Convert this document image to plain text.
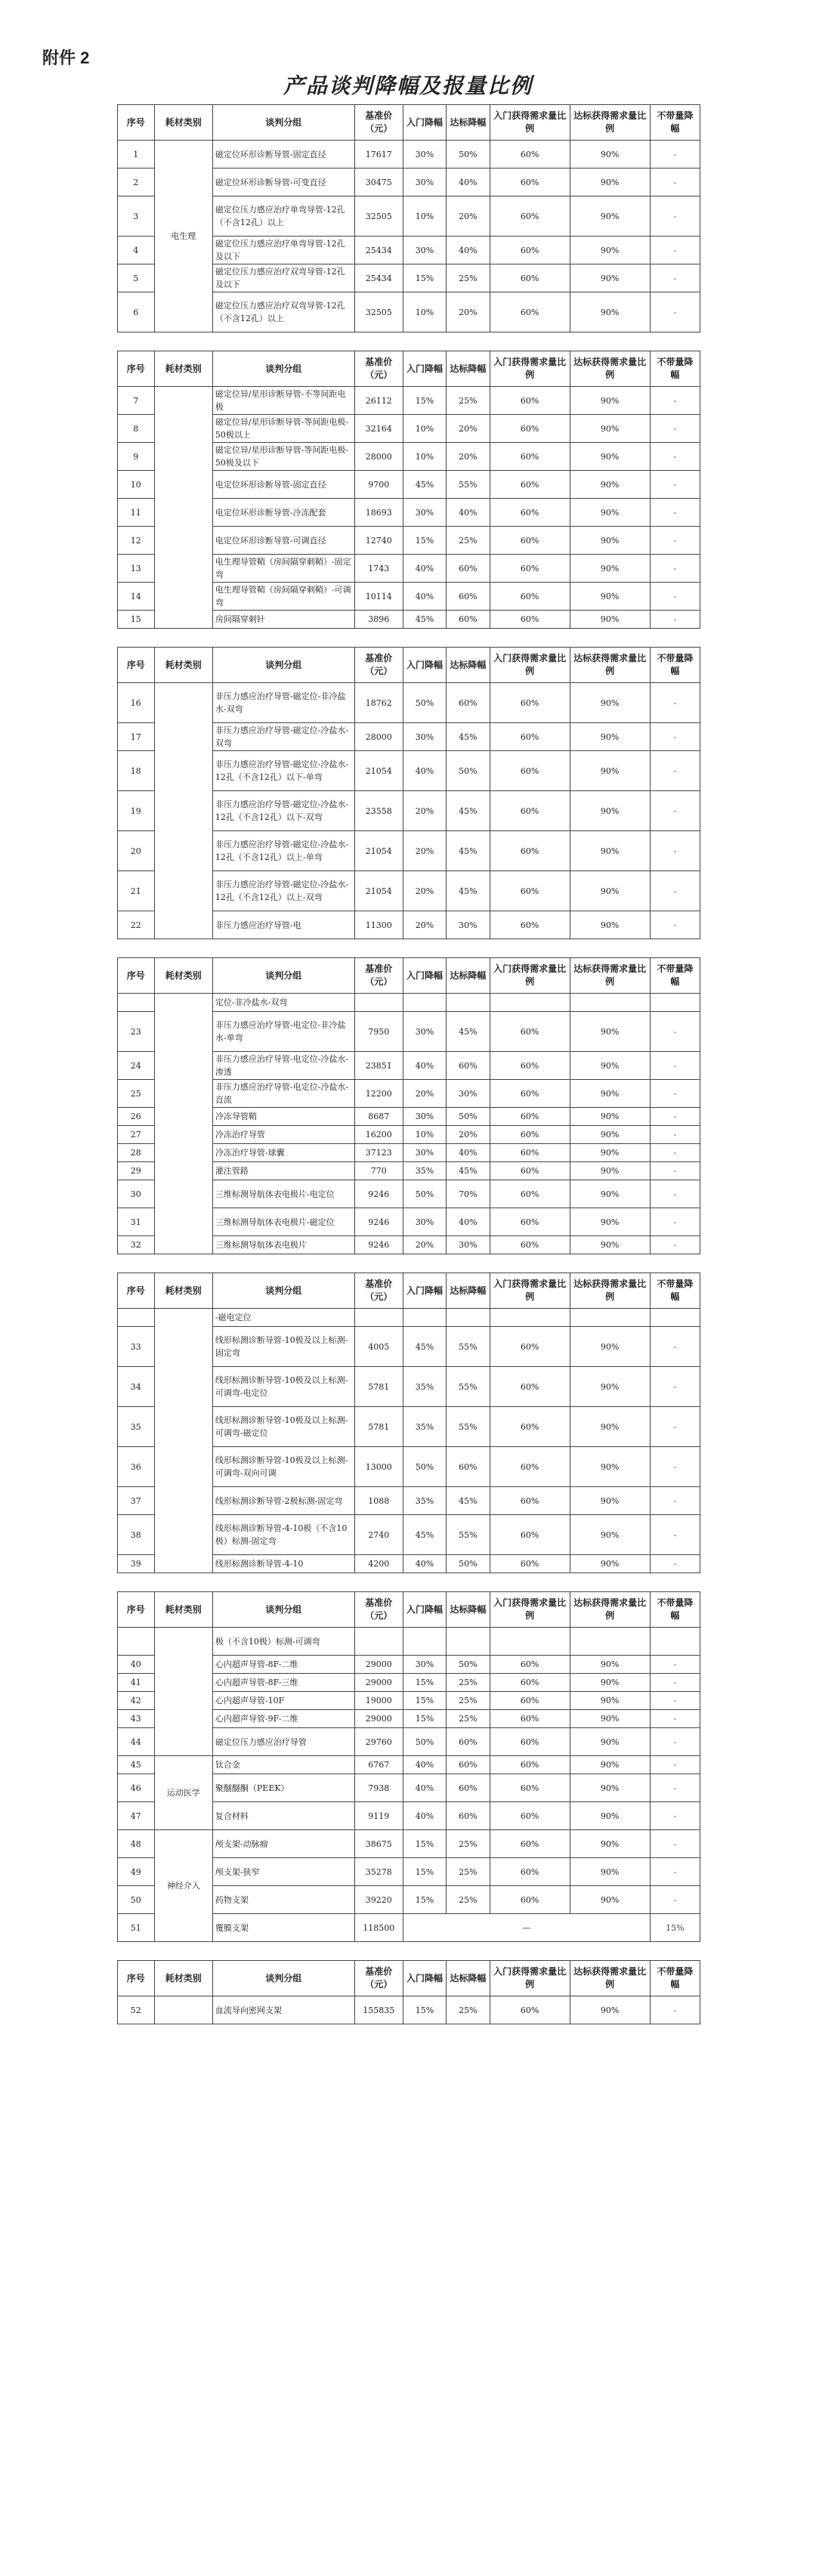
附件 2
产品谈判降幅及报量比例
序号	耗材类别	谈判分组	基准价（元）	入门降幅	达标降幅	入门获得需求量比例	达标获得需求量比例	不带量降幅
1	电生理	磁定位环形诊断导管-固定直径	17617	30%	50%	60%	90%	-
2		磁定位环形诊断导管-可变直径	30475	30%	40%	60%	90%	-
3		磁定位压力感应治疗单弯导管-12孔（不含12孔）以上	32505	10%	20%	60%	90%	-
4		磁定位压力感应治疗单弯导管-12孔及以下	25434	30%	40%	60%	90%	-
5		磁定位压力感应治疗双弯导管-12孔及以下	25434	15%	25%	60%	90%	-
6		磁定位压力感应治疗双弯导管-12孔（不含12孔）以上	32505	10%	20%	60%	90%	-
序号	耗材类别	谈判分组	基准价（元）	入门降幅	达标降幅	入门获得需求量比例	达标获得需求量比例	不带量降幅
7		磁定位异/星形诊断导管-不等间距电极	26112	15%	25%	60%	90%	-
8		磁定位异/星形诊断导管-等间距电极-50极以上	32164	10%	20%	60%	90%	-
9		磁定位异/星形诊断导管-等间距电极-50极及以下	28000	10%	20%	60%	90%	-
10		电定位环形诊断导管-固定直径	9700	45%	55%	60%	90%	-
11		电定位环形诊断导管-冷冻配套	18693	30%	40%	60%	90%	-
12		电定位环形诊断导管-可调直径	12740	15%	25%	60%	90%	-
13		电生理导管鞘（房间隔穿刺鞘）-固定弯	1743	40%	60%	60%	90%	-
14		电生理导管鞘（房间隔穿刺鞘）-可调弯	10114	40%	60%	60%	90%	-
15		房间隔穿刺针	3896	45%	60%	60%	90%	-
序号	耗材类别	谈判分组	基准价（元）	入门降幅	达标降幅	入门获得需求量比例	达标获得需求量比例	不带量降幅
16		非压力感应治疗导管-磁定位-非冷盐水-双弯	18762	50%	60%	60%	90%	-
17		非压力感应治疗导管-磁定位-冷盐水-双弯	28000	30%	45%	60%	90%	-
18		非压力感应治疗导管-磁定位-冷盐水-12孔（不含12孔）以下-单弯	21054	40%	50%	60%	90%	-
19		非压力感应治疗导管-磁定位-冷盐水-12孔（不含12孔）以下-双弯	23558	20%	45%	60%	90%	-
20		非压力感应治疗导管-磁定位-冷盐水-12孔（不含12孔）以上-单弯	21054	20%	45%	60%	90%	-
21		非压力感应治疗导管-磁定位-冷盐水-12孔（不含12孔）以上-双弯	21054	20%	45%	60%	90%	-
22		非压力感应治疗导管-电	11300	20%	30%	60%	90%	-
序号	耗材类别	谈判分组	基准价（元）	入门降幅	达标降幅	入门获得需求量比例	达标获得需求量比例	不带量降幅
		定位-非冷盐水-双弯						
23		非压力感应治疗导管-电定位-非冷盐水-单弯	7950	30%	45%	60%	90%	-
24		非压力感应治疗导管-电定位-冷盐水-渗透	23851	40%	60%	60%	90%	-
25		非压力感应治疗导管-电定位-冷盐水-直流	12200	20%	30%	60%	90%	-
26		冷冻导管鞘	8687	30%	50%	60%	90%	-
27		冷冻治疗导管	16200	10%	20%	60%	90%	-
28		冷冻治疗导管-球囊	37123	30%	40%	60%	90%	-
29		灌注管路	770	35%	45%	60%	90%	-
30		三维标测导航体表电极片-电定位	9246	50%	70%	60%	90%	-
31		三维标测导航体表电极片-磁定位	9246	30%	40%	60%	90%	-
32		三维标测导航体表电极片	9246	20%	30%	60%	90%	-
序号	耗材类别	谈判分组	基准价（元）	入门降幅	达标降幅	入门获得需求量比例	达标获得需求量比例	不带量降幅
		-磁电定位						
33		线形标测诊断导管-10极及以上标测-固定弯	4005	45%	55%	60%	90%	-
34		线形标测诊断导管-10极及以上标测-可调弯-电定位	5781	35%	55%	60%	90%	-
35		线形标测诊断导管-10极及以上标测-可调弯-磁定位	5781	35%	55%	60%	90%	-
36		线形标测诊断导管-10极及以上标测-可调弯-双向可调	13000	50%	60%	60%	90%	-
37		线形标测诊断导管-2极标测-固定弯	1088	35%	45%	60%	90%	-
38		线形标测诊断导管-4-10极（不含10极）标测-固定弯	2740	45%	55%	60%	90%	-
39		线形标测诊断导管-4-10	4200	40%	50%	60%	90%	-
序号	耗材类别	谈判分组	基准价（元）	入门降幅	达标降幅	入门获得需求量比例	达标获得需求量比例	不带量降幅
		极（不含10极）标测-可调弯						
40		心内超声导管-8F-二维	29000	30%	50%	60%	90%	-
41		心内超声导管-8F-三维	29000	15%	25%	60%	90%	-
42		心内超声导管-10F	19000	15%	25%	60%	90%	-
43		心内超声导管-9F-二维	29000	15%	25%	60%	90%	-
44		磁定位压力感应治疗导管	29760	50%	60%	60%	90%	-
45	运动医学	钛合金	6767	40%	60%	60%	90%	-
46		聚醚醚酮（PEEK）	7938	40%	60%	60%	90%	-
47		复合材料	9119	40%	60%	60%	90%	-
48	神经介入	颅支架-动脉瘤	38675	15%	25%	60%	90%	-
49		颅支架-狭窄	35278	15%	25%	60%	90%	-
50		药物支架	39220	15%	25%	60%	90%	-
51		覆膜支架	118500	—				15%
序号	耗材类别	谈判分组	基准价（元）	入门降幅	达标降幅	入门获得需求量比例	达标获得需求量比例	不带量降幅
52		血流导向密网支架	155835	15%	25%	60%	90%	-
